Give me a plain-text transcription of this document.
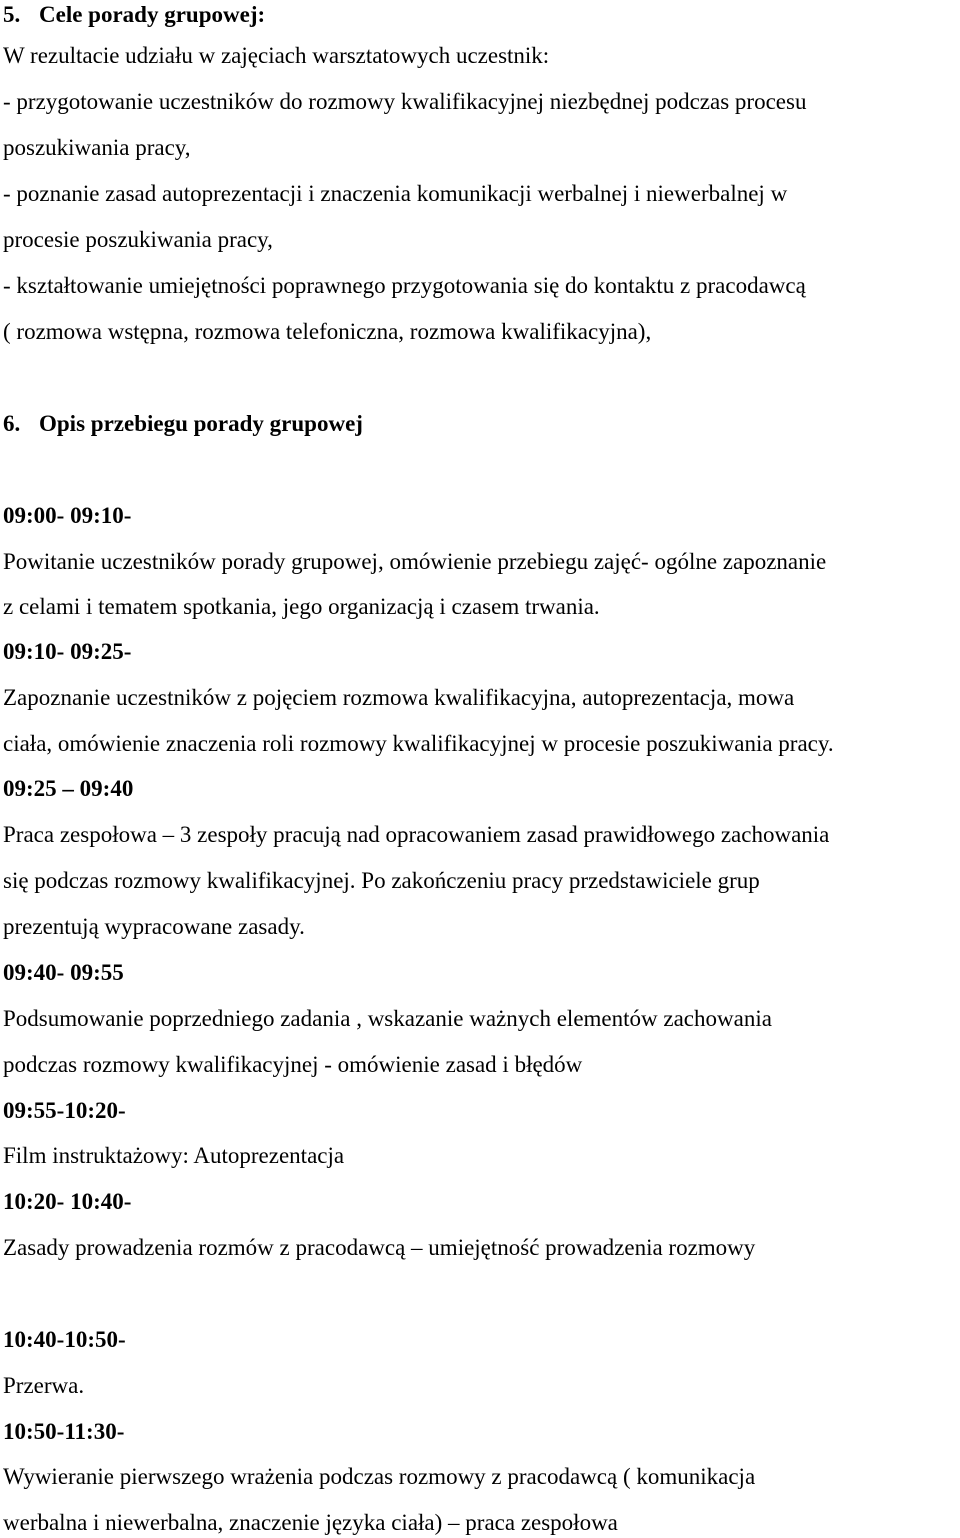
5. Cele porady grupowej:
W rezultacie udziału w zajęciach warsztatowych uczestnik:
- przygotowanie uczestników do rozmowy kwalifikacyjnej niezbędnej podczas procesu
poszukiwania pracy,
- poznanie zasad autoprezentacji i znaczenia komunikacji werbalnej i niewerbalnej w
procesie poszukiwania pracy,
- kształtowanie umiejętności poprawnego przygotowania się do kontaktu z pracodawcą
( rozmowa wstępna, rozmowa telefoniczna, rozmowa kwalifikacyjna),
6. Opis przebiegu porady grupowej
09:00- 09:10-
Powitanie uczestników porady grupowej, omówienie przebiegu zajęć- ogólne zapoznanie
z celami i tematem spotkania, jego organizacją i czasem trwania.
09:10- 09:25-
Zapoznanie uczestników z pojęciem rozmowa kwalifikacyjna, autoprezentacja, mowa
ciała, omówienie znaczenia roli rozmowy kwalifikacyjnej w procesie poszukiwania pracy.
09:25 – 09:40
Praca zespołowa – 3 zespoły pracują nad opracowaniem zasad prawidłowego zachowania
się podczas rozmowy kwalifikacyjnej. Po zakończeniu pracy przedstawiciele grup
prezentują wypracowane zasady.
09:40- 09:55
Podsumowanie poprzedniego zadania , wskazanie ważnych elementów zachowania
podczas rozmowy kwalifikacyjnej - omówienie zasad i błędów
09:55-10:20-
Film instruktażowy: Autoprezentacja
10:20- 10:40-
Zasady prowadzenia rozmów z pracodawcą – umiejętność prowadzenia rozmowy
10:40-10:50-
Przerwa.
10:50-11:30-
Wywieranie pierwszego wrażenia podczas rozmowy z pracodawcą ( komunikacja
werbalna i niewerbalna, znaczenie języka ciała) – praca zespołowa
